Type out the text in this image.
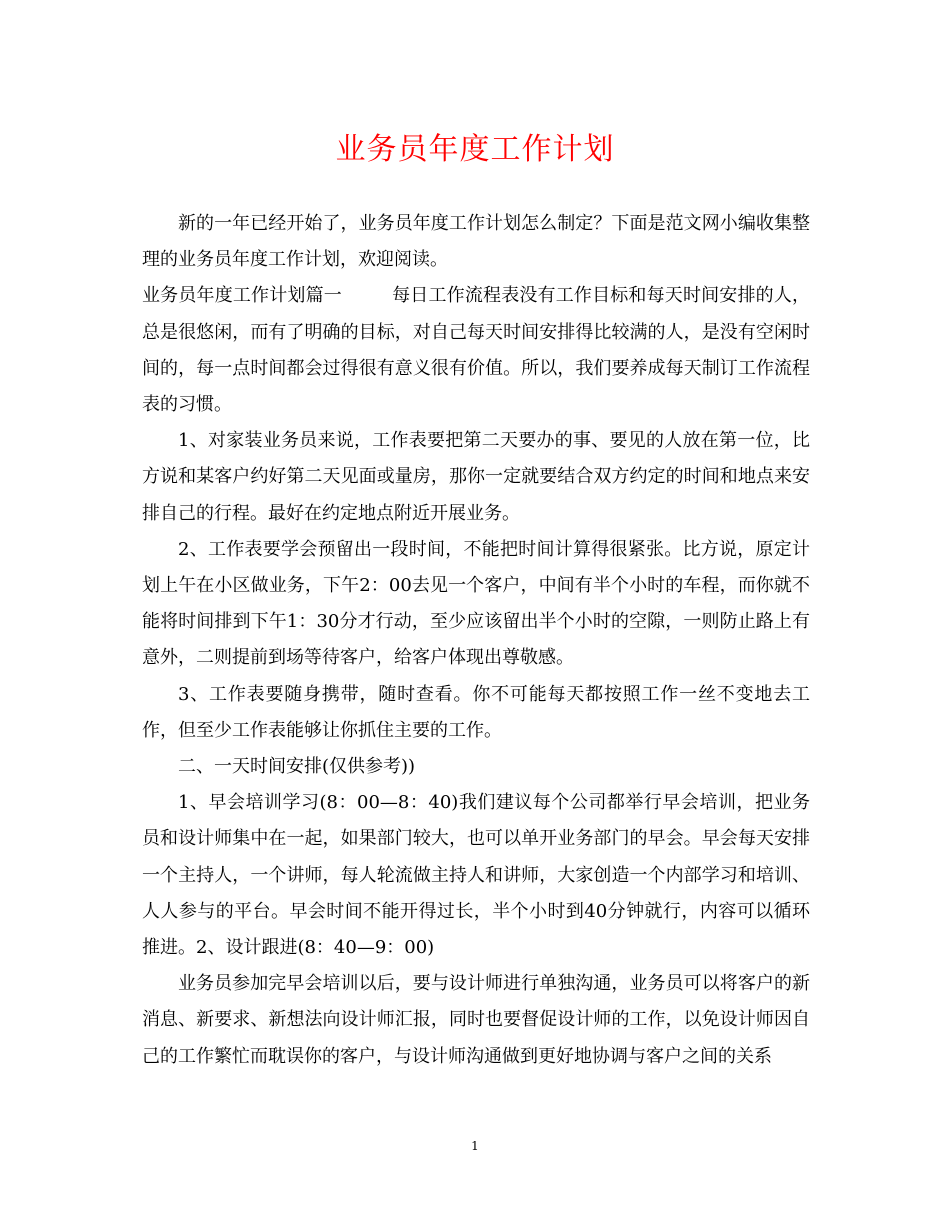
业务员年度工作计划

新的一年已经开始了，业务员年度工作计划怎么制定？下面是范文网小编收集整理的业务员年度工作计划，欢迎阅读。

业务员年度工作计划篇一	每日工作流程表没有工作目标和每天时间安排的人，总是很悠闲，而有了明确的目标，对自己每天时间安排得比较满的人，是没有空闲时间的，每一点时间都会过得很有意义很有价值。所以，我们要养成每天制订工作流程表的习惯。

1、对家装业务员来说，工作表要把第二天要办的事、要见的人放在第一位，比方说和某客户约好第二天见面或量房，那你一定就要结合双方约定的时间和地点来安排自己的行程。最好在约定地点附近开展业务。

2、工作表要学会预留出一段时间，不能把时间计算得很紧张。比方说，原定计划上午在小区做业务，下午2：00去见一个客户，中间有半个小时的车程，而你就不能将时间排到下午1：30分才行动，至少应该留出半个小时的空隙，一则防止路上有意外，二则提前到场等待客户，给客户体现出尊敬感。

3、工作表要随身携带，随时查看。你不可能每天都按照工作一丝不变地去工作，但至少工作表能够让你抓住主要的工作。

二、一天时间安排(仅供参考))

1、早会培训学习(8：00—8：40)我们建议每个公司都举行早会培训，把业务员和设计师集中在一起，如果部门较大，也可以单开业务部门的早会。早会每天安排一个主持人，一个讲师，每人轮流做主持人和讲师，大家创造一个内部学习和培训、人人参与的平台。早会时间不能开得过长，半个小时到40分钟就行，内容可以循环推进。2、设计跟进(8：40—9：00)

业务员参加完早会培训以后，要与设计师进行单独沟通，业务员可以将客户的新消息、新要求、新想法向设计师汇报，同时也要督促设计师的工作，以免设计师因自己的工作繁忙而耽误你的客户，与设计师沟通做到更好地协调与客户之间的关系

1
